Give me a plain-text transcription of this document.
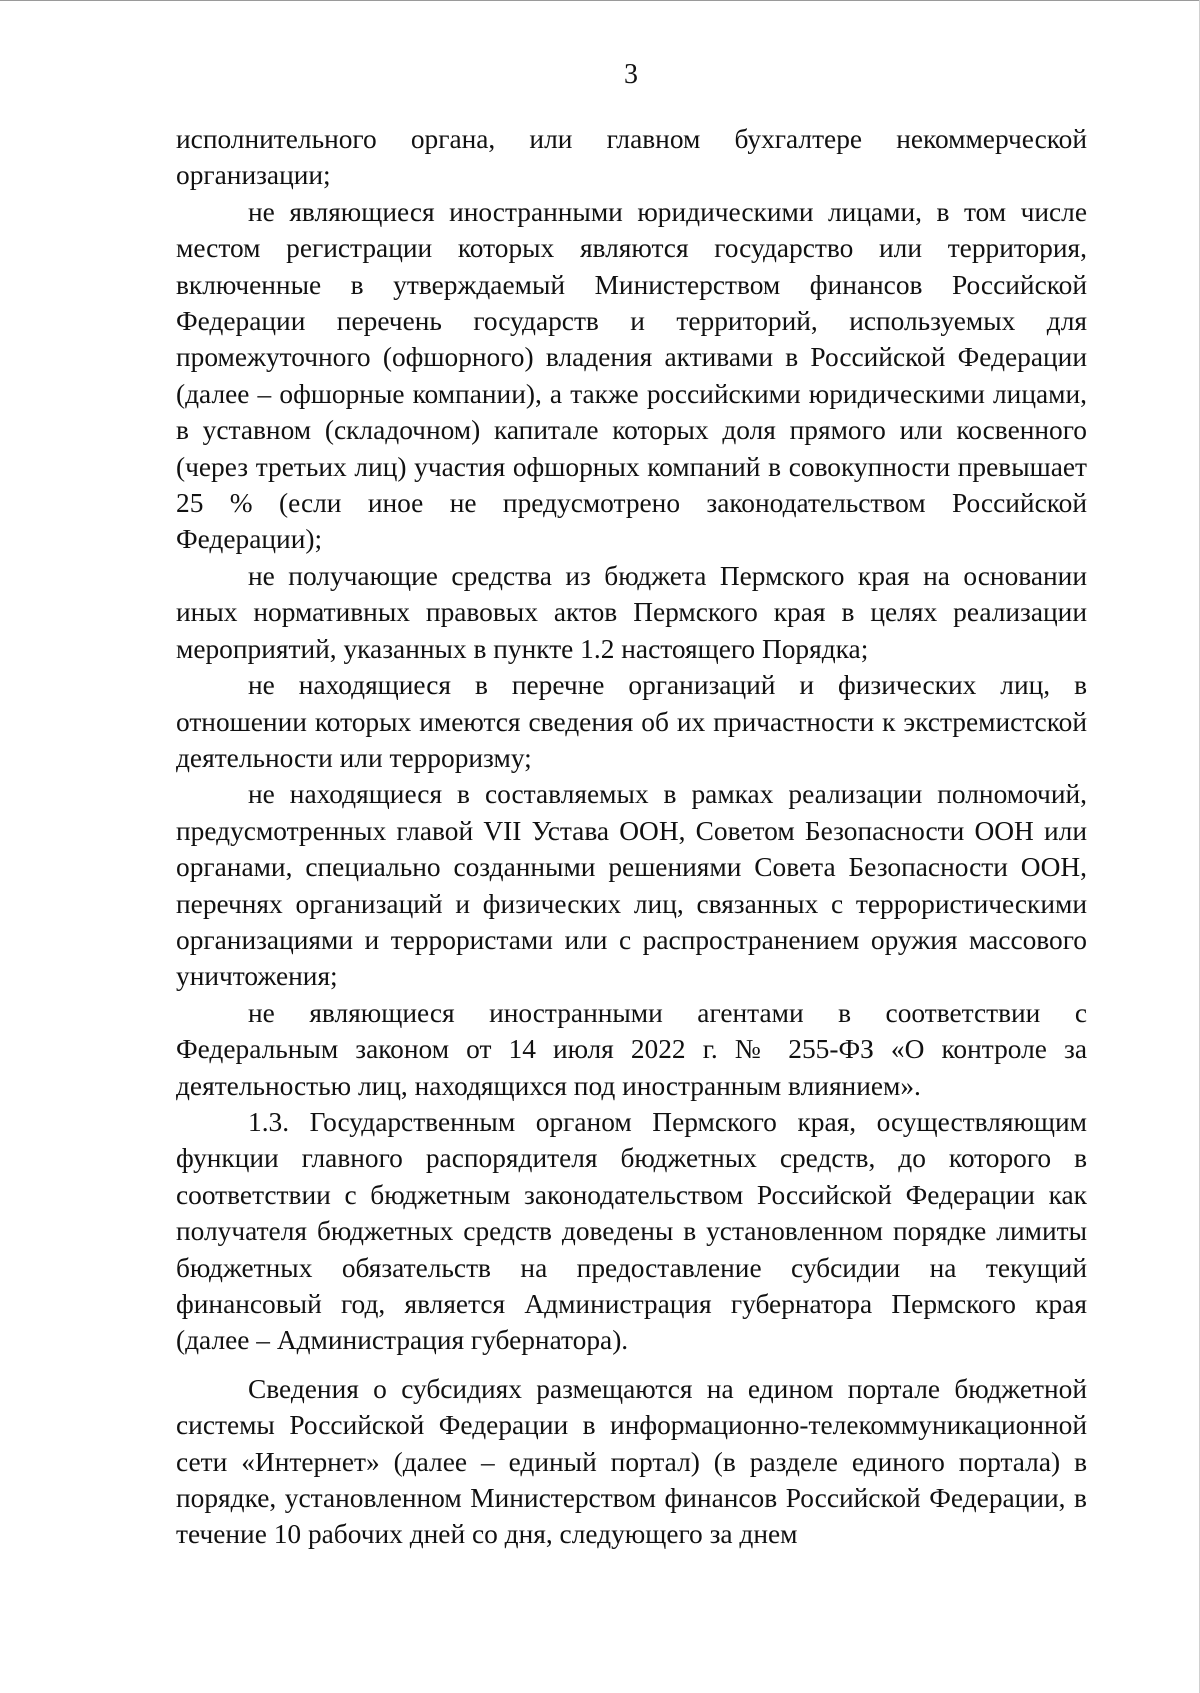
3

исполнительного органа, или главном бухгалтере некоммерческой организации;

не являющиеся иностранными юридическими лицами, в том числе местом регистрации которых являются государство или территория, включенные в утверждаемый Министерством финансов Российской Федерации перечень государств и территорий, используемых для промежуточного (офшорного) владения активами в Российской Федерации (далее – офшорные компании), а также российскими юридическими лицами, в уставном (складочном) капитале которых доля прямого или косвенного (через третьих лиц) участия офшорных компаний в совокупности превышает 25 % (если иное не предусмотрено законодательством Российской Федерации);

не получающие средства из бюджета Пермского края на основании иных нормативных правовых актов Пермского края в целях реализации мероприятий, указанных в пункте 1.2 настоящего Порядка;

не находящиеся в перечне организаций и физических лиц, в отношении которых имеются сведения об их причастности к экстремистской деятельности или терроризму;

не находящиеся в составляемых в рамках реализации полномочий, предусмотренных главой VII Устава ООН, Советом Безопасности ООН или органами, специально созданными решениями Совета Безопасности ООН, перечнях организаций и физических лиц, связанных с террористическими организациями и террористами или с распространением оружия массового уничтожения;

не являющиеся иностранными агентами в соответствии с Федеральным законом от 14 июля 2022 г. № 255-ФЗ «О контроле за деятельностью лиц, находящихся под иностранным влиянием».

1.3. Государственным органом Пермского края, осуществляющим функции главного распорядителя бюджетных средств, до которого в соответствии с бюджетным законодательством Российской Федерации как получателя бюджетных средств доведены в установленном порядке лимиты бюджетных обязательств на предоставление субсидии на текущий финансовый год, является Администрация губернатора Пермского края (далее – Администрация губернатора).

Сведения о субсидиях размещаются на едином портале бюджетной системы Российской Федерации в информационно-телекоммуникационной сети «Интернет» (далее – единый портал) (в разделе единого портала) в порядке, установленном Министерством финансов Российской Федерации, в течение 10 рабочих дней со дня, следующего за днем
